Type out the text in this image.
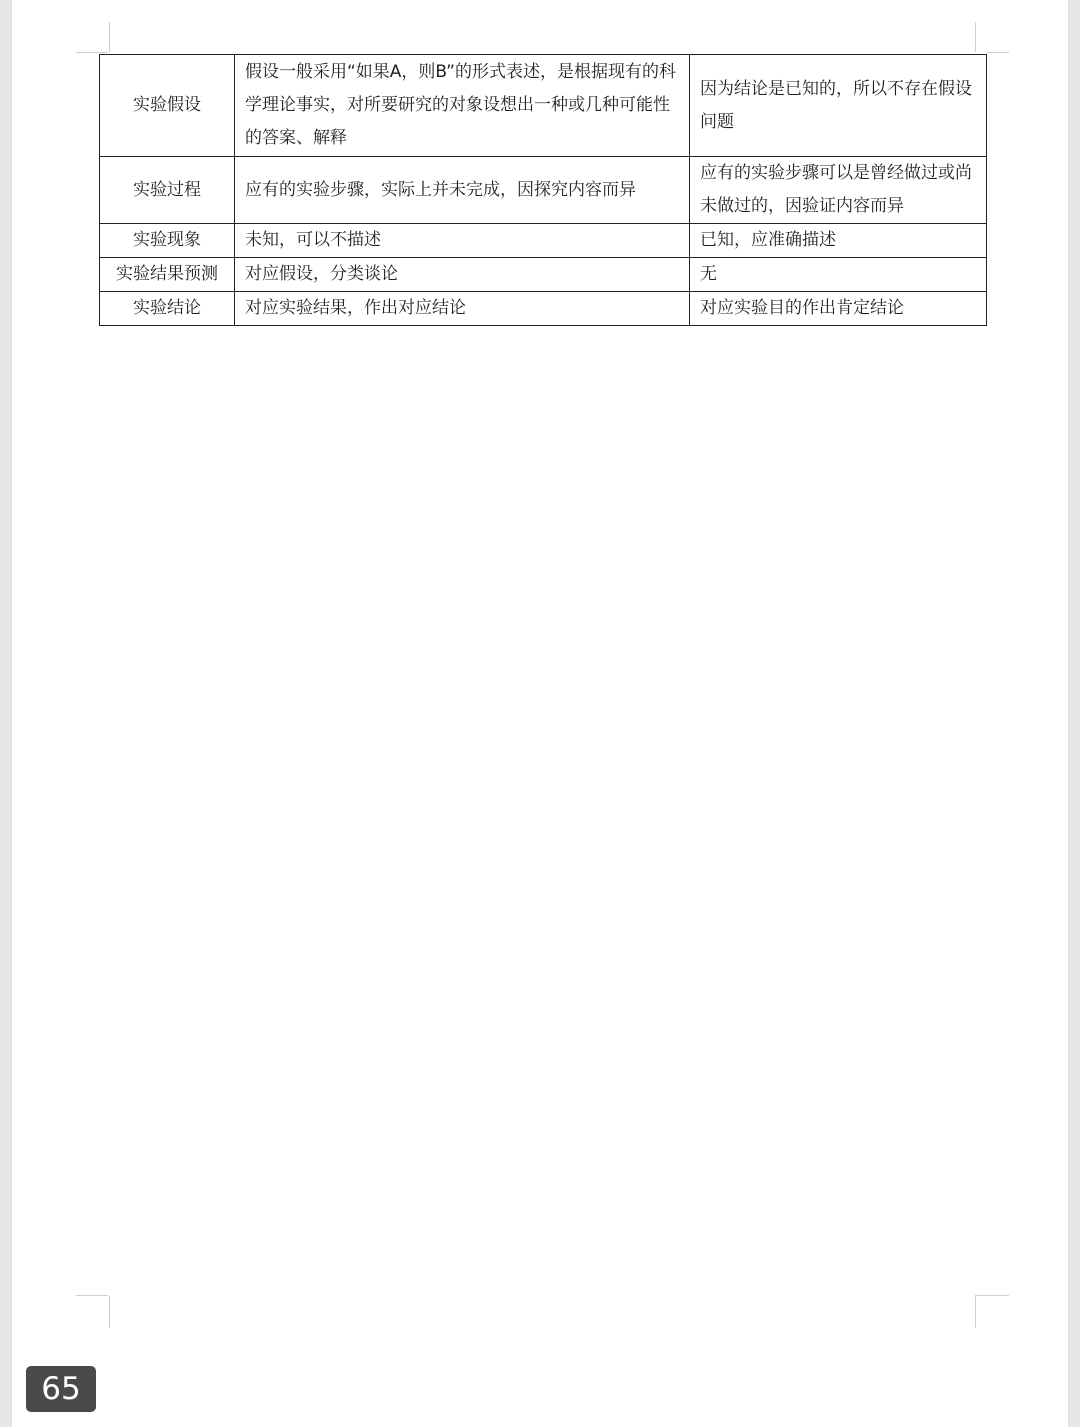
实验假设	假设一般采用“如果A，则B”的形式表述，是根据现有的科学理论事实，对所要研究的对象设想出一种或几种可能性的答案、解释	因为结论是已知的，所以不存在假设问题
实验过程	应有的实验步骤，实际上并未完成，因探究内容而异	应有的实验步骤可以是曾经做过或尚未做过的，因验证内容而异
实验现象	未知，可以不描述	已知，应准确描述
实验结果预测	对应假设，分类谈论	无
实验结论	对应实验结果，作出对应结论	对应实验目的作出肯定结论
65
